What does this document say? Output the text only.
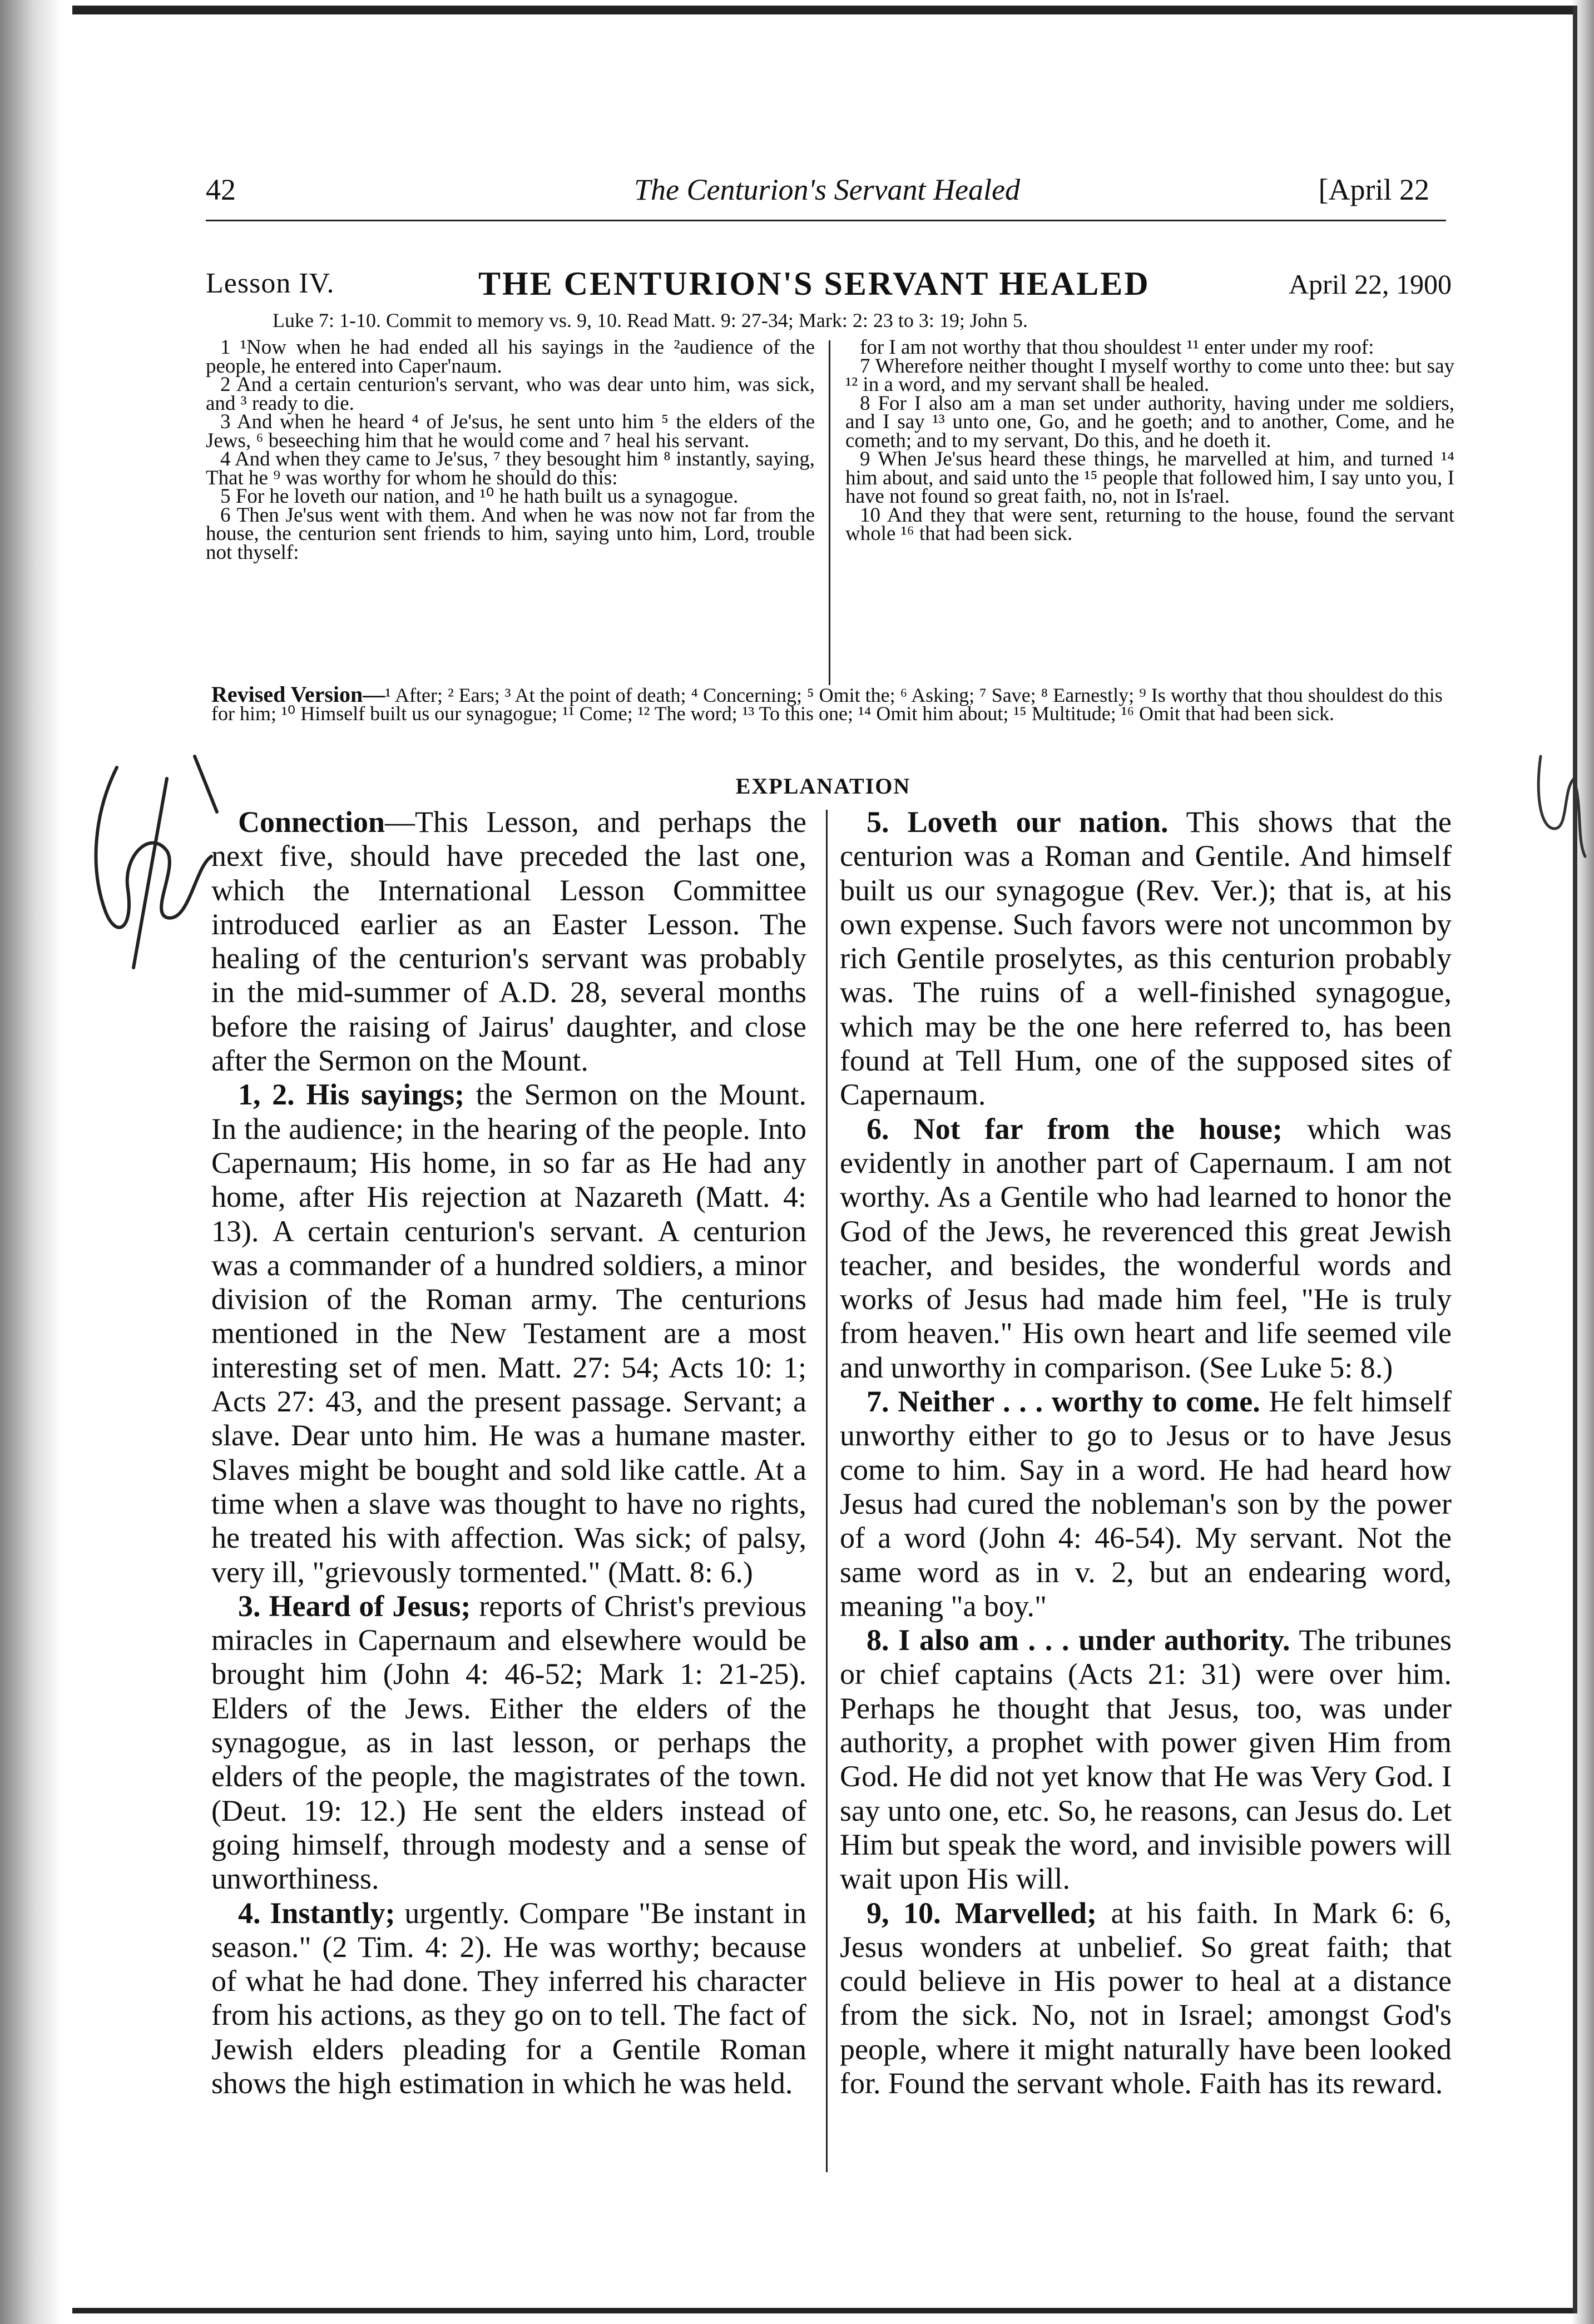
42	The Centurion's Servant Healed	[April 22
Lesson IV.	THE CENTURION'S SERVANT HEALED	April 22, 1900
Luke 7: 1-10. Commit to memory vs. 9, 10. Read Matt. 9: 27-34; Mark: 2: 23 to 3: 19; John 5.

1 ¹Now when he had ended all his sayings in the ²audience of the people, he entered into Caper'naum.

2 And a certain centurion's servant, who was dear unto him, was sick, and ³ ready to die.

3 And when he heard ⁴ of Je'sus, he sent unto him ⁵ the elders of the Jews, ⁶ beseeching him that he would come and ⁷ heal his servant.

4 And when they came to Je'sus, ⁷ they besought him ⁸ instantly, saying, That he ⁹ was worthy for whom he should do this:

5 For he loveth our nation, and ¹⁰ he hath built us a synagogue.

6 Then Je'sus went with them. And when he was now not far from the house, the centurion sent friends to him, saying unto him, Lord, trouble not thyself:

for I am not worthy that thou shouldest ¹¹ enter under my roof:

7 Wherefore neither thought I myself worthy to come unto thee: but say ¹² in a word, and my servant shall be healed.

8 For I also am a man set under authority, having under me soldiers, and I say ¹³ unto one, Go, and he goeth; and to another, Come, and he cometh; and to my servant, Do this, and he doeth it.

9 When Je'sus heard these things, he marvelled at him, and turned ¹⁴ him about, and said unto the ¹⁵ people that followed him, I say unto you, I have not found so great faith, no, not in Is'rael.

10 And they that were sent, returning to the house, found the servant whole ¹⁶ that had been sick.

Revised Version—¹ After; ² Ears; ³ At the point of death; ⁴ Concerning; ⁵ Omit the; ⁶ Asking; ⁷ Save; ⁸ Earnestly; ⁹ Is worthy that thou shouldest do this for him; ¹⁰ Himself built us our synagogue; ¹¹ Come; ¹² The word; ¹³ To this one; ¹⁴ Omit him about; ¹⁵ Multitude; ¹⁶ Omit that had been sick.
EXPLANATION

Connection—This Lesson, and perhaps the next five, should have preceded the last one, which the International Lesson Committee introduced earlier as an Easter Lesson. The healing of the centurion's servant was probably in the mid-summer of A.D. 28, several months before the raising of Jairus' daughter, and close after the Sermon on the Mount.

1, 2. His sayings; the Sermon on the Mount. In the audience; in the hearing of the people. Into Capernaum; His home, in so far as He had any home, after His rejection at Nazareth (Matt. 4: 13). A certain centurion's servant. A centurion was a commander of a hundred soldiers, a minor division of the Roman army. The centurions mentioned in the New Testament are a most interesting set of men. Matt. 27: 54; Acts 10: 1; Acts 27: 43, and the present passage. Servant; a slave. Dear unto him. He was a humane master. Slaves might be bought and sold like cattle. At a time when a slave was thought to have no rights, he treated his with affection. Was sick; of palsy, very ill, "grievously tormented." (Matt. 8: 6.)

3. Heard of Jesus; reports of Christ's previous miracles in Capernaum and elsewhere would be brought him (John 4: 46-52; Mark 1: 21-25). Elders of the Jews. Either the elders of the synagogue, as in last lesson, or perhaps the elders of the people, the magistrates of the town. (Deut. 19: 12.) He sent the elders instead of going himself, through modesty and a sense of unworthiness.

4. Instantly; urgently. Compare "Be instant in season." (2 Tim. 4: 2). He was worthy; because of what he had done. They inferred his character from his actions, as they go on to tell. The fact of Jewish elders pleading for a Gentile Roman shows the high estimation in which he was held.

5. Loveth our nation. This shows that the centurion was a Roman and Gentile. And himself built us our synagogue (Rev. Ver.); that is, at his own expense. Such favors were not uncommon by rich Gentile proselytes, as this centurion probably was. The ruins of a well-finished synagogue, which may be the one here referred to, has been found at Tell Hum, one of the supposed sites of Capernaum.

6. Not far from the house; which was evidently in another part of Capernaum. I am not worthy. As a Gentile who had learned to honor the God of the Jews, he reverenced this great Jewish teacher, and besides, the wonderful words and works of Jesus had made him feel, "He is truly from heaven." His own heart and life seemed vile and unworthy in comparison. (See Luke 5: 8.)

7. Neither . . . worthy to come. He felt himself unworthy either to go to Jesus or to have Jesus come to him. Say in a word. He had heard how Jesus had cured the nobleman's son by the power of a word (John 4: 46-54). My servant. Not the same word as in v. 2, but an endearing word, meaning "a boy."

8. I also am . . . under authority. The tribunes or chief captains (Acts 21: 31) were over him. Perhaps he thought that Jesus, too, was under authority, a prophet with power given Him from God. He did not yet know that He was Very God. I say unto one, etc. So, he reasons, can Jesus do. Let Him but speak the word, and invisible powers will wait upon His will.

9, 10. Marvelled; at his faith. In Mark 6: 6, Jesus wonders at unbelief. So great faith; that could believe in His power to heal at a distance from the sick. No, not in Israel; amongst God's people, where it might naturally have been looked for. Found the servant whole. Faith has its reward.
